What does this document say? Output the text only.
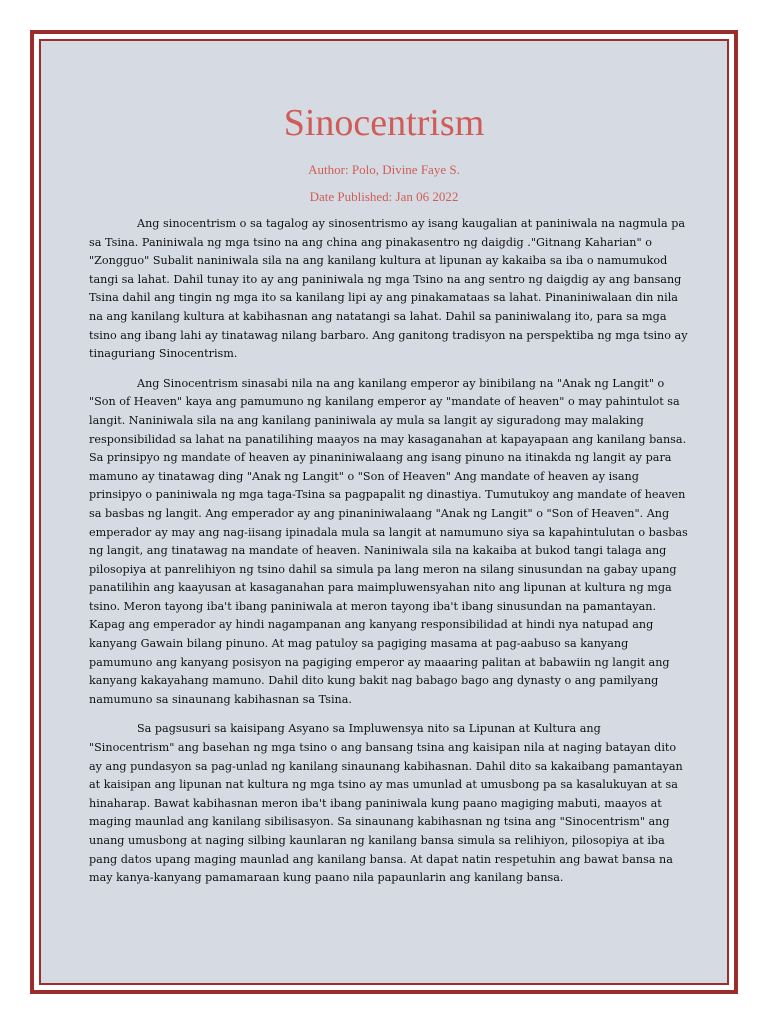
Sinocentrism
Author: Polo, Divine Faye S.
Date Published: Jan 06 2022

Ang sinocentrism o sa tagalog ay sinosentrismo ay isang kaugalian at paniniwala na nagmula pa sa Tsina. Paniniwala ng mga tsino na ang china ang pinakasentro ng daigdig ."Gitnang Kaharian" o "Zongguo" Subalit naniniwala sila na ang kanilang kultura at lipunan ay kakaiba sa iba o namumukod tangi sa lahat. Dahil tunay ito ay ang paniniwala ng mga Tsino na ang sentro ng daigdig ay ang bansang Tsina dahil ang tingin ng mga ito sa kanilang lipi ay ang pinakamataas sa lahat. Pinaniniwalaan din nila na ang kanilang kultura at kabihasnan ang natatangi sa lahat. Dahil sa paniniwalang ito, para sa mga tsino ang ibang lahi ay tinatawag nilang barbaro. Ang ganitong tradisyon na perspektiba ng mga tsino ay tinaguriang Sinocentrism.

Ang Sinocentrism sinasabi nila na ang kanilang emperor ay binibilang na "Anak ng Langit" o "Son of Heaven" kaya ang pamumuno ng kanilang emperor ay "mandate of heaven" o may pahintulot sa langit. Naniniwala sila na ang kanilang paniniwala ay mula sa langit ay siguradong may malaking responsibilidad sa lahat na panatilihing maayos na may kasaganahan at kapayapaan ang kanilang bansa. Sa prinsipyo ng mandate of heaven ay pinaniniwalaang ang isang pinuno na itinakda ng langit ay para mamuno ay tinatawag ding "Anak ng Langit" o "Son of Heaven" Ang mandate of heaven ay isang prinsipyo o paniniwala ng mga taga-Tsina sa pagpapalit ng dinastiya. Tumutukoy ang mandate of heaven sa basbas ng langit. Ang emperador ay ang pinaniniwalaang "Anak ng Langit" o "Son of Heaven". Ang emperador ay may ang nag-iisang ipinadala mula sa langit at namumuno siya sa kapahintulutan o basbas ng langit, ang tinatawag na mandate of heaven. Naniniwala sila na kakaiba at bukod tangi talaga ang pilosopiya at panrelihiyon ng tsino dahil sa simula pa lang meron na silang sinusundan na gabay upang panatilihin ang kaayusan at kasaganahan para maimpluwensyahan nito ang lipunan at kultura ng mga tsino. Meron tayong iba't ibang paniniwala at meron tayong iba't ibang sinusundan na pamantayan. Kapag ang emperador ay hindi nagampanan ang kanyang responsibilidad at hindi nya natupad ang kanyang Gawain bilang pinuno. At mag patuloy sa pagiging masama at pag-aabuso sa kanyang pamumuno ang kanyang posisyon na pagiging emperor ay maaaring palitan at babawiin ng langit ang kanyang kakayahang mamuno. Dahil dito kung bakit nag babago bago ang dynasty o ang pamilyang namumuno sa sinaunang kabihasnan sa Tsina.

Sa pagsusuri sa kaisipang Asyano sa Impluwensya nito sa Lipunan at Kultura ang "Sinocentrism" ang basehan ng mga tsino o ang bansang tsina ang kaisipan nila at naging batayan dito ay ang pundasyon sa pag-unlad ng kanilang sinaunang kabihasnan. Dahil dito sa kakaibang pamantayan at kaisipan ang lipunan nat kultura ng mga tsino ay mas umunlad at umusbong pa sa kasalukuyan at sa hinaharap. Bawat kabihasnan meron iba't ibang paniniwala kung paano magiging mabuti, maayos at maging maunlad ang kanilang sibilisasyon. Sa sinaunang kabihasnan ng tsina ang "Sinocentrism" ang unang umusbong at naging silbing kaunlaran ng kanilang bansa simula sa relihiyon, pilosopiya at iba pang datos upang maging maunlad ang kanilang bansa. At dapat natin respetuhin ang bawat bansa na may kanya-kanyang pamamaraan kung paano nila papaunlarin ang kanilang bansa.
